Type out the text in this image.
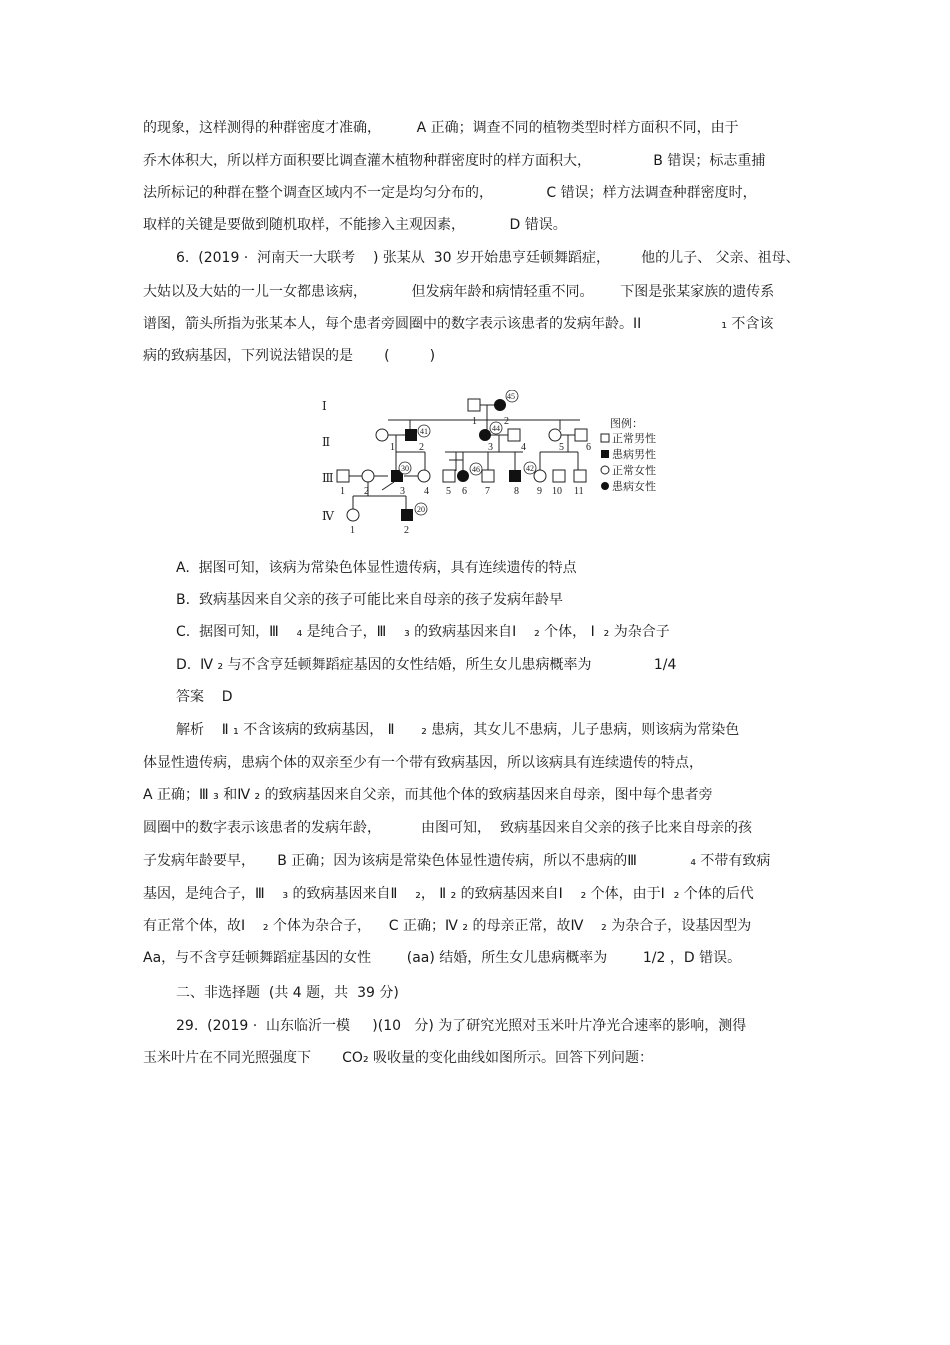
的现象，这样测得的种群密度才准确，        A 正确；调查不同的植物类型时样方面积不同，由于
乔木体积大，所以样方面积要比调查灌木植物种群密度时的样方面积大，              B 错误；标志重捕
法所标记的种群在整个调查区域内不一定是均匀分布的，            C 错误；样方法调查种群密度时，
取样的关键是要做到随机取样，不能掺入主观因素，          D 错误。
6.  (2019 ·  河南天一大联考    ) 张某从  30 岁开始患亨廷顿舞蹈症，       他的儿子、 父亲、祖母、
大姑以及大姑的一儿一女都患该病，          但发病年龄和病情轻重不同。      下图是张某家族的遗传系
谱图，箭头所指为张某本人，每个患者旁圆圈中的数字表示该患者的发病年龄。II                  ₁ 不含该
病的致病基因，下列说法错误的是       (         )
Ⅰ
Ⅱ
Ⅲ
Ⅳ
45
1	2
41	44
1 2	3	4	5 6
30	46	42
1 2	3 4 5 6 7 8 9 10 11
20
1	2
图例：
正常男性
患病男性
正常女性
患病女性
A.  据图可知，该病为常染色体显性遗传病，具有连续遗传的特点
B.  致病基因来自父亲的孩子可能比来自母亲的孩子发病年龄早
C.  据图可知，Ⅲ    ₄ 是纯合子，Ⅲ    ₃ 的致病基因来自Ⅰ    ₂ 个体， Ⅰ  ₂ 为杂合子
D.  Ⅳ ₂ 与不含亨廷顿舞蹈症基因的女性结婚，所生女儿患病概率为              1/4
答案    D
解析    Ⅱ ₁ 不含该病的致病基因， Ⅱ      ₂ 患病，其女儿不患病，儿子患病，则该病为常染色
体显性遗传病，患病个体的双亲至少有一个带有致病基因，所以该病具有连续遗传的特点，
A 正确；Ⅲ ₃ 和Ⅳ ₂ 的致病基因来自父亲，而其他个体的致病基因来自母亲，图中每个患者旁
圆圈中的数字表示该患者的发病年龄，         由图可知，  致病基因来自父亲的孩子比来自母亲的孩
子发病年龄要早，     B 正确；因为该病是常染色体显性遗传病，所以不患病的Ⅲ            ₄ 不带有致病
基因，是纯合子，Ⅲ    ₃ 的致病基因来自Ⅱ    ₂， Ⅱ ₂ 的致病基因来自Ⅰ    ₂ 个体，由于Ⅰ  ₂ 个体的后代
有正常个体，故Ⅰ    ₂ 个体为杂合子，    C 正确；Ⅳ ₂ 的母亲正常，故Ⅳ    ₂ 为杂合子，设基因型为
Aa，与不含亨廷顿舞蹈症基因的女性        (aa) 结婚，所生女儿患病概率为        1/2 ，D 错误。
二、非选择题  (共 4 题，共  39 分)
29.  (2019 ·  山东临沂一模     )(10   分) 为了研究光照对玉米叶片净光合速率的影响，测得
玉米叶片在不同光照强度下       CO₂ 吸收量的变化曲线如图所示。回答下列问题：
